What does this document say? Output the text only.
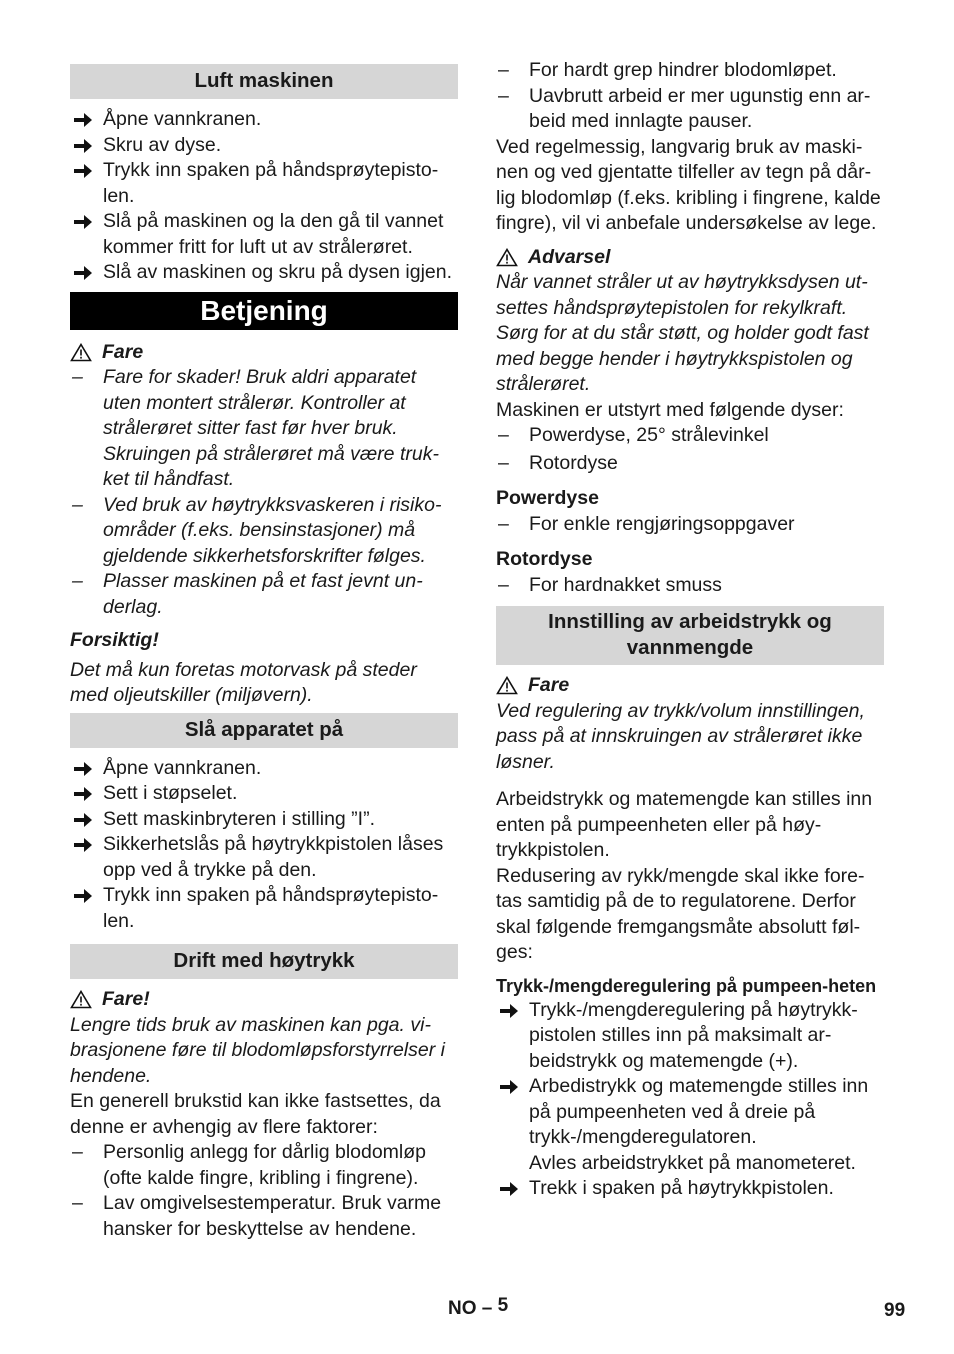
Luft maskinen
Åpne vannkranen.
Skru av dyse.
Trykk inn spaken på håndsprøytepisto-len.
Slå på maskinen og la den gå til vannet kommer fritt for luft ut av strålerøret.
Slå av maskinen og skru på dysen igjen.
Betjening
Fare
– Fare for skader! Bruk aldri apparatet uten montert strålerør. Kontroller at strålerøret sitter fast før hver bruk. Skruingen på strålerøret må være truk-ket til håndfast.
– Ved bruk av høytrykksvaskeren i risiko-områder (f.eks. bensinstasjoner) må gjeldende sikkerhetsforskrifter følges.
– Plasser maskinen på et fast jevnt un-derlag.
Forsiktig!
Det må kun foretas motorvask på steder med oljeutskiller (miljøvern).
Slå apparatet på
Åpne vannkranen.
Sett i støpselet.
Sett maskinbryteren i stilling ”I”.
Sikkerhetslås på høytrykkpistolen låses opp ved å trykke på den.
Trykk inn spaken på håndsprøytepisto-len.
Drift med høytrykk
Fare!
Lengre tids bruk av maskinen kan pga. vi-brasjonene føre til blodomløpsforstyrrelser i hendene.
En generell brukstid kan ikke fastsettes, da denne er avhengig av flere faktorer:
– Personlig anlegg for dårlig blodomløp (ofte kalde fingre, kribling i fingrene).
– Lav omgivelsestemperatur. Bruk varme hansker for beskyttelse av hendene.
– For hardt grep hindrer blodomløpet.
– Uavbrutt arbeid er mer ugunstig enn ar-beid med innlagte pauser.
Ved regelmessig, langvarig bruk av maski-nen og ved gjentatte tilfeller av tegn på dår-lig blodomløp (f.eks. kribling i fingrene, kalde fingre), vil vi anbefale undersøkelse av lege.
Advarsel
Når vannet stråler ut av høytrykksdysen ut-settes håndsprøytepistolen for rekylkraft. Sørg for at du står støtt, og holder godt fast med begge hender i høytrykkspistolen og strålerøret.
Maskinen er utstyrt med følgende dyser:
– Powerdyse, 25° strålevinkel
– Rotordyse
Powerdyse
– For enkle rengjøringsoppgaver
Rotordyse
– For hardnakket smuss
Innstilling av arbeidstrykk og vannmengde
Fare
Ved regulering av trykk/volum innstillingen, pass på at innskruingen av strålerøret ikke løsner.
Arbeidstrykk og matemengde kan stilles inn enten på pumpeenheten eller på høy-trykkpistolen.
Redusering av rykk/mengde skal ikke fore-tas samtidig på de to regulatorene. Derfor skal følgende fremgangsmåte absolutt føl-ges:
Trykk-/mengderegulering på pumpeen-heten
Trykk-/mengderegulering på høytrykk-pistolen stilles inn på maksimalt ar-beidstrykk og matemengde (+).
Arbedistrykk og matemengde stilles inn på pumpeenheten ved å dreie på trykk-/mengderegulatoren.
Avles arbeidstrykket på manometeret.
Trekk i spaken på høytrykkpistolen.
NO – 5	99
